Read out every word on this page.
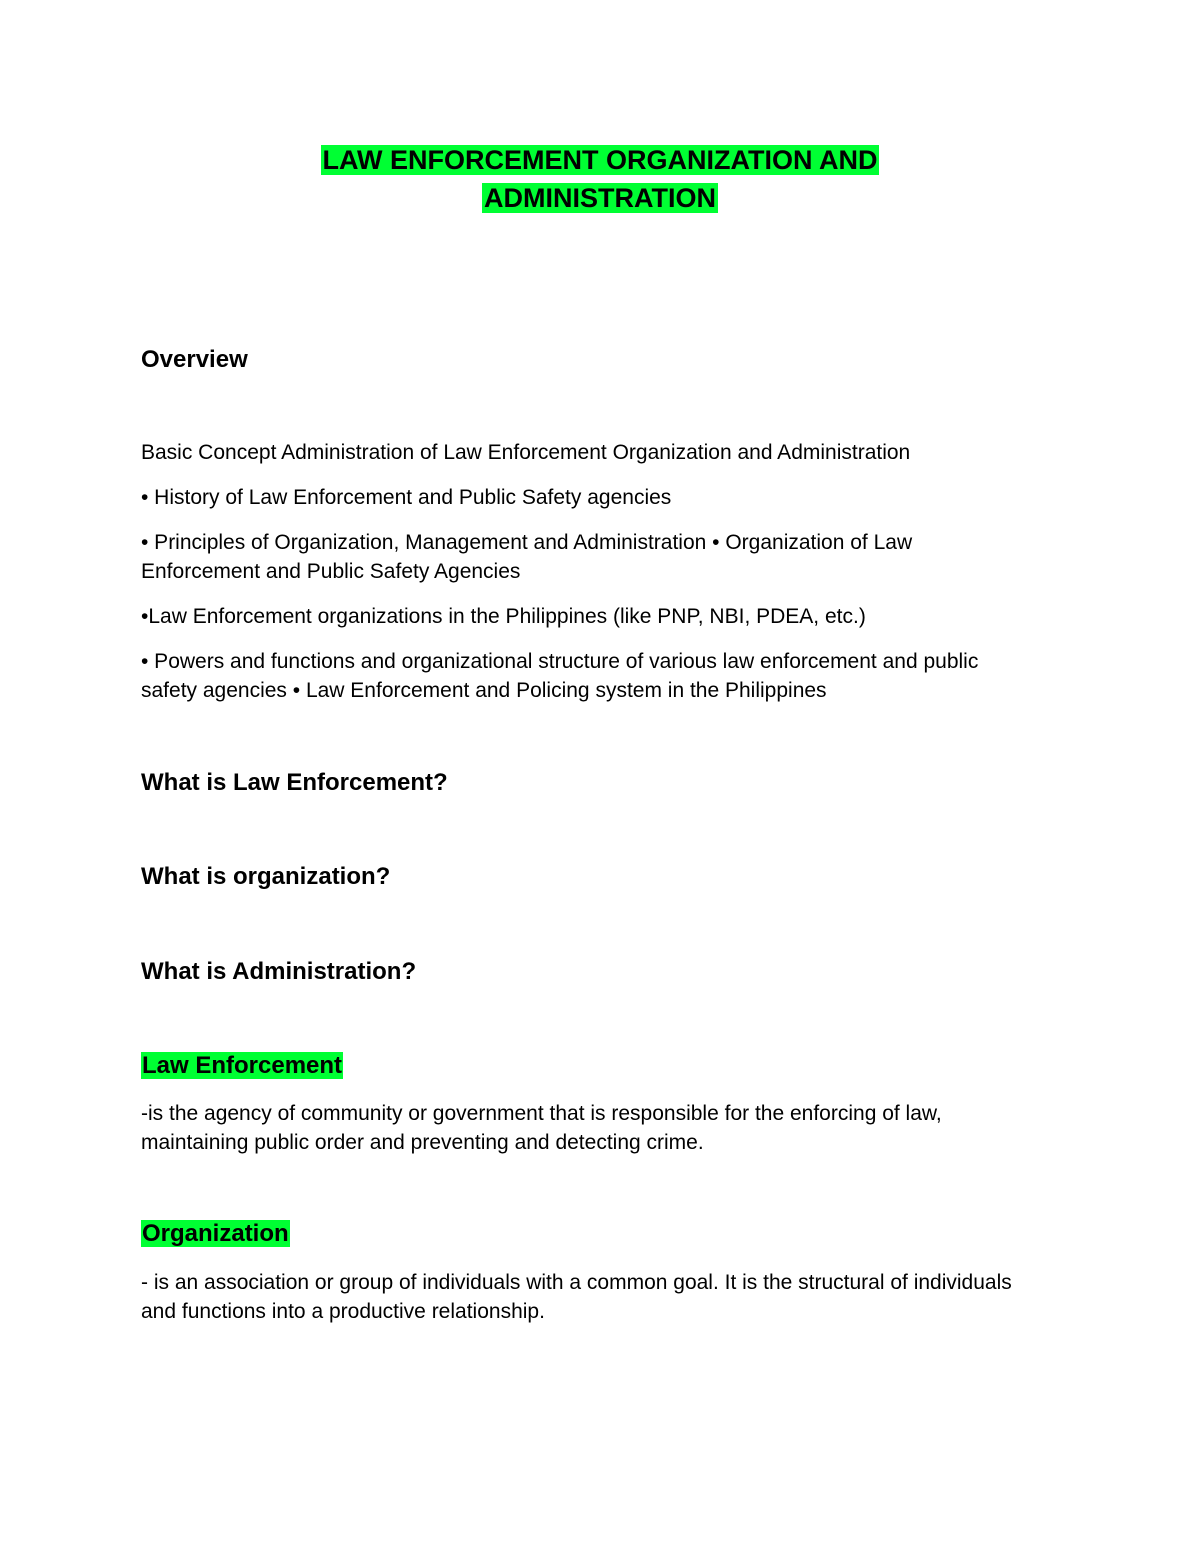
LAW ENFORCEMENT ORGANIZATION AND
ADMINISTRATION
Overview
Basic Concept Administration of Law Enforcement Organization and Administration
• History of Law Enforcement and Public Safety agencies
• Principles of Organization, Management and Administration • Organization of Law Enforcement and Public Safety Agencies
•Law Enforcement organizations in the Philippines (like PNP, NBI, PDEA, etc.)
• Powers and functions and organizational structure of various law enforcement and public safety agencies • Law Enforcement and Policing system in the Philippines
What is Law Enforcement?
What is organization?
What is Administration?
Law Enforcement
-is the agency of community or government that is responsible for the enforcing of law, maintaining public order and preventing and detecting crime.
Organization
- is an association or group of individuals with a common goal. It is the structural of individuals and functions into a productive relationship.
